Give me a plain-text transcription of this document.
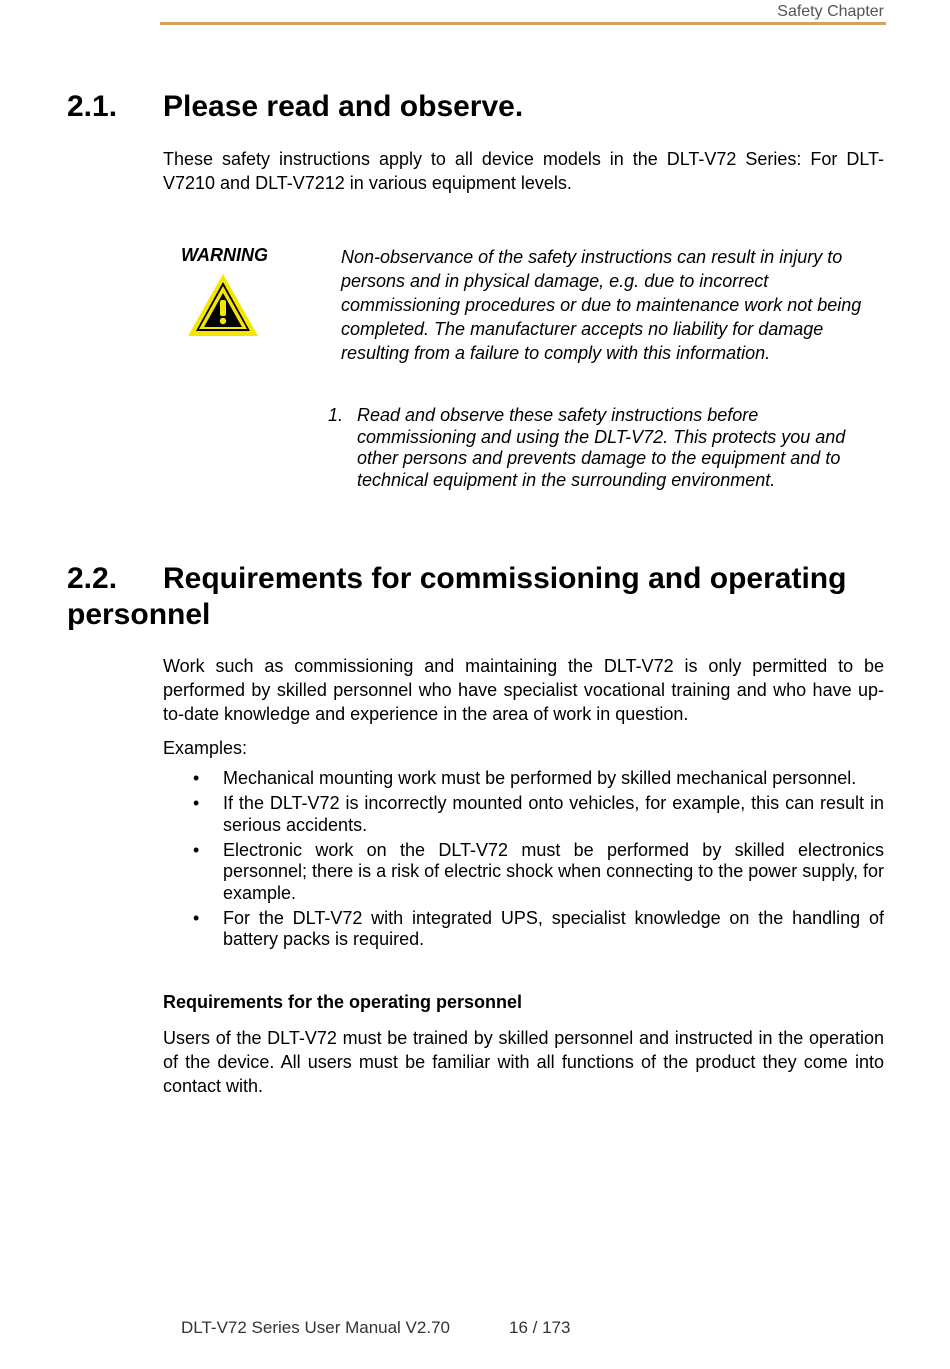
Safety Chapter
2.1. Please read and observe.

These safety instructions apply to all device models in the DLT-V72 Series: For DLT-V7210 and DLT-V7212 in various equipment levels.

WARNING	Non-observance of the safety instructions can result in injury to persons and in physical damage, e.g. due to incorrect commissioning procedures or due to maintenance work not being completed. The manufacturer accepts no liability for damage resulting from a failure to comply with this information.

1. Read and observe these safety instructions before commissioning and using the DLT-V72. This protects you and other persons and prevents damage to the equipment and to technical equipment in the surrounding environment.
2.2.	Requirements for commissioning and operating personnel

Work such as commissioning and maintaining the DLT-V72 is only permitted to be performed by skilled personnel who have specialist vocational training and who have up-to-date knowledge and experience in the area of work in question.

Examples:

• Mechanical mounting work must be performed by skilled mechanical personnel.
• If the DLT-V72 is incorrectly mounted onto vehicles, for example, this can result in serious accidents.
• Electronic work on the DLT-V72 must be performed by skilled electronics personnel; there is a risk of electric shock when connecting to the power supply, for example.
• For the DLT-V72 with integrated UPS, specialist knowledge on the handling of battery packs is required.
Requirements for the operating personnel

Users of the DLT-V72 must be trained by skilled personnel and instructed in the operation of the device. All users must be familiar with all functions of the product they come into contact with.

DLT-V72 Series User Manual V2.70	16 / 173
